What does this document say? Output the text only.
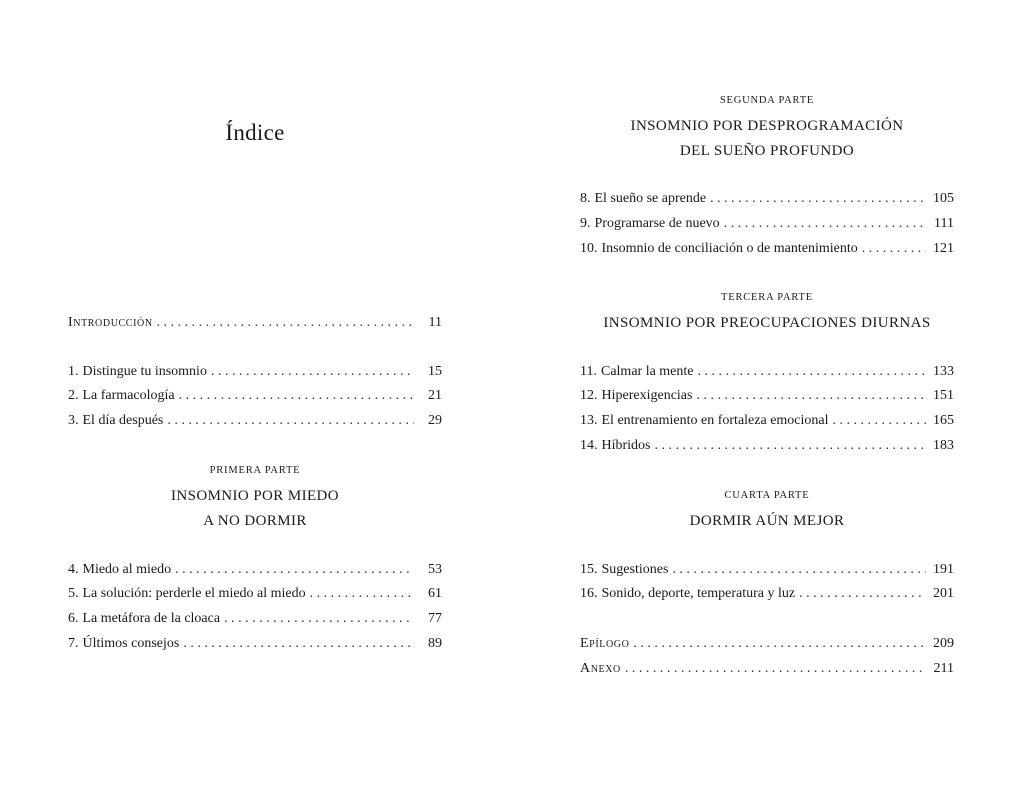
Índice
Introducción . . .	11
1. Distingue tu insomnio . . .	15
2. La farmacología . . .	21
3. El día después . . .	29
PRIMERA PARTE
INSOMNIO POR MIEDO
A NO DORMIR
4. Miedo al miedo . . .	53
5. La solución: perderle el miedo al miedo . . .	61
6. La metáfora de la cloaca . . .	77
7. Últimos consejos . . .	89
SEGUNDA PARTE
INSOMNIO POR DESPROGRAMACIÓN
DEL SUEÑO PROFUNDO
8. El sueño se aprende . . .	105
9. Programarse de nuevo . . .	111
10. Insomnio de conciliación o de mantenimiento . . .	121
TERCERA PARTE
INSOMNIO POR PREOCUPACIONES DIURNAS
11. Calmar la mente . . .	133
12. Hiperexigencias . . .	151
13. El entrenamiento en fortaleza emocional . . .	165
14. Híbridos . . .	183
CUARTA PARTE
DORMIR AÚN MEJOR
15. Sugestiones . . .	191
16. Sonido, deporte, temperatura y luz . . .	201
Epílogo . . .	209
Anexo . . .	211
